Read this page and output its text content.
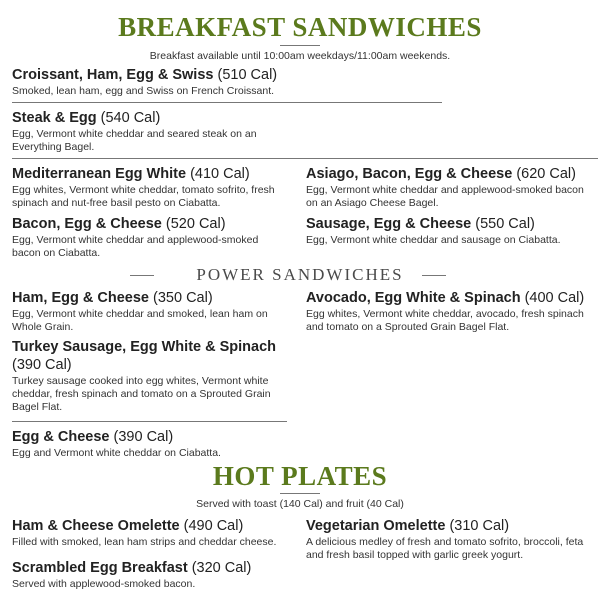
BREAKFAST SANDWICHES
Breakfast available until 10:00am weekdays/11:00am weekends.
Croissant, Ham, Egg & Swiss (510 Cal)
Smoked, lean ham, egg and Swiss on French Croissant.
Steak & Egg (540 Cal)
Egg, Vermont white cheddar and seared steak on an Everything Bagel.
Mediterranean Egg White (410 Cal)
Egg whites, Vermont white cheddar, tomato sofrito, fresh spinach and nut-free basil pesto on Ciabatta.
Asiago, Bacon, Egg & Cheese (620 Cal)
Egg, Vermont white cheddar and applewood-smoked bacon on an Asiago Cheese Bagel.
Bacon, Egg & Cheese (520 Cal)
Egg, Vermont white cheddar and applewood-smoked bacon on Ciabatta.
Sausage, Egg & Cheese (550 Cal)
Egg, Vermont white cheddar and sausage on Ciabatta.
POWER SANDWICHES
Ham, Egg & Cheese (350 Cal)
Egg, Vermont white cheddar and smoked, lean ham on Whole Grain.
Avocado, Egg White & Spinach (400 Cal)
Egg whites, Vermont white cheddar, avocado, fresh spinach and tomato on a Sprouted Grain Bagel Flat.
Turkey Sausage, Egg White & Spinach
(390 Cal)
Turkey sausage cooked into egg whites, Vermont white cheddar, fresh spinach and tomato on a Sprouted Grain Bagel Flat.
Egg & Cheese (390 Cal)
Egg and Vermont white cheddar on Ciabatta.
HOT PLATES
Served with toast (140 Cal) and fruit (40 Cal)
Ham & Cheese Omelette (490 Cal)
Filled with smoked, lean ham strips and cheddar cheese.
Vegetarian Omelette (310 Cal)
A delicious medley of fresh and tomato sofrito, broccoli, feta and fresh basil topped with garlic greek yogurt.
Scrambled Egg Breakfast (320 Cal)
Served with applewood-smoked bacon.
